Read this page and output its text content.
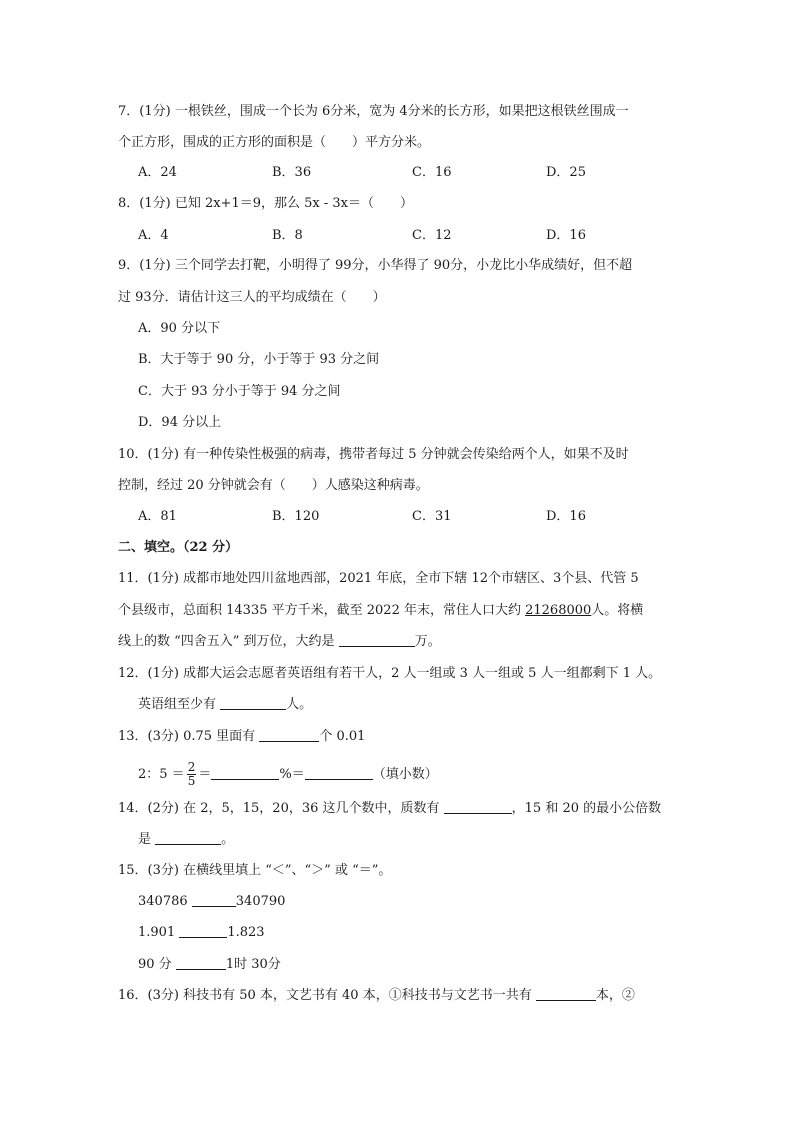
7．(1分) 一根铁丝，围成一个长为 6分米，宽为 4分米的长方形，如果把这根铁丝围成一
个正方形，围成的正方形的面积是（　　）平方分米。
A．24	B．36	C．16	D．25
8．(1分) 已知 2x+1＝9，那么 5x - 3x＝（　　）
A．4	B．8	C．12	D．16
9．(1分) 三个同学去打靶，小明得了 99分，小华得了 90分，小龙比小华成绩好，但不超
过 93分．请估计这三人的平均成绩在（　　）
A．90 分以下
B．大于等于 90 分，小于等于 93 分之间
C．大于 93 分小于等于 94 分之间
D．94 分以上
10．(1分) 有一种传染性极强的病毒，携带者每过 5 分钟就会传染给两个人，如果不及时
控制，经过 20 分钟就会有（　　）人感染这种病毒。
A．81	B．120	C．31	D．16
二、填空。（22 分）
11．(1分) 成都市地处四川盆地西部，2021 年底，全市下辖 12个市辖区、3个县、代管 5
个县级市，总面积 14335 平方千米，截至 2022 年末，常住人口大约 21268000人。将横
线上的数 “四舍五入” 到万位，大约是	万。
12．(1分) 成都大运会志愿者英语组有若干人，2 人一组或 3 人一组或 5 人一组都剩下 1 人。
英语组至少有	人。
13．(3分) 0.75 里面有	个 0.01
2：$5 = \frac{2}{5}$ ＝	%＝	（填小数）
14．(2分) 在 2，5，15，20，36 这几个数中，质数有	，15 和 20 的最小公倍数
是	。
15．(3分) 在横线里填上 “＜”、“＞” 或 “＝”。
340786	340790
1.901	1.823
90 分	1时 30分
16．(3分) 科技书有 50 本，文艺书有 40 本，①科技书与文艺书一共有	本，②
